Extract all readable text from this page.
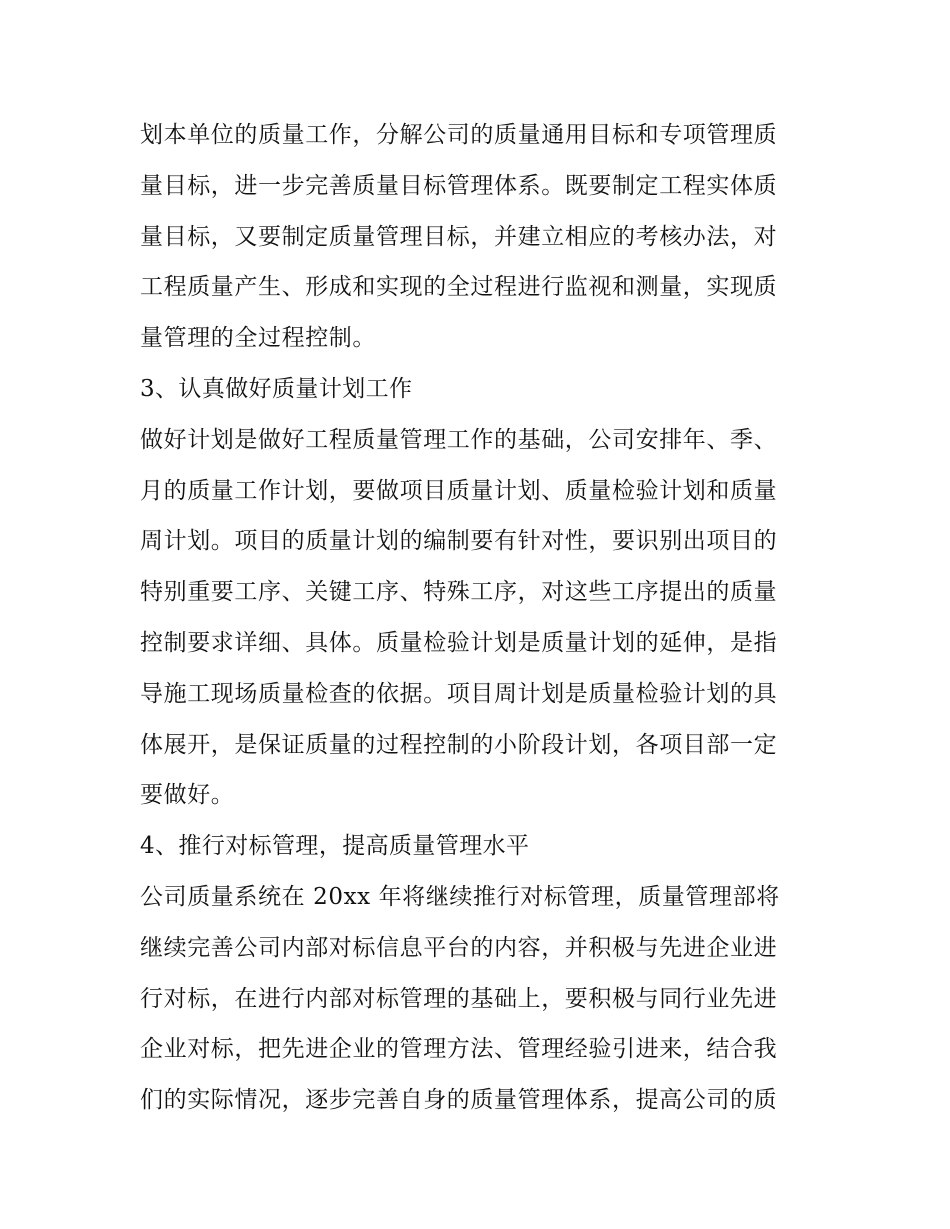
划本单位的质量工作，分解公司的质量通用目标和专项管理质
量目标，进一步完善质量目标管理体系。既要制定工程实体质
量目标，又要制定质量管理目标，并建立相应的考核办法，对
工程质量产生、形成和实现的全过程进行监视和测量，实现质
量管理的全过程控制。
3、认真做好质量计划工作
做好计划是做好工程质量管理工作的基础，公司安排年、季、
月的质量工作计划，要做项目质量计划、质量检验计划和质量
周计划。项目的质量计划的编制要有针对性，要识别出项目的
特别重要工序、关键工序、特殊工序，对这些工序提出的质量
控制要求详细、具体。质量检验计划是质量计划的延伸，是指
导施工现场质量检查的依据。项目周计划是质量检验计划的具
体展开，是保证质量的过程控制的小阶段计划，各项目部一定
要做好。
4、推行对标管理，提高质量管理水平
公司质量系统在 20xx 年将继续推行对标管理，质量管理部将
继续完善公司内部对标信息平台的内容，并积极与先进企业进
行对标，在进行内部对标管理的基础上，要积极与同行业先进
企业对标，把先进企业的管理方法、管理经验引进来，结合我
们的实际情况，逐步完善自身的质量管理体系，提高公司的质
